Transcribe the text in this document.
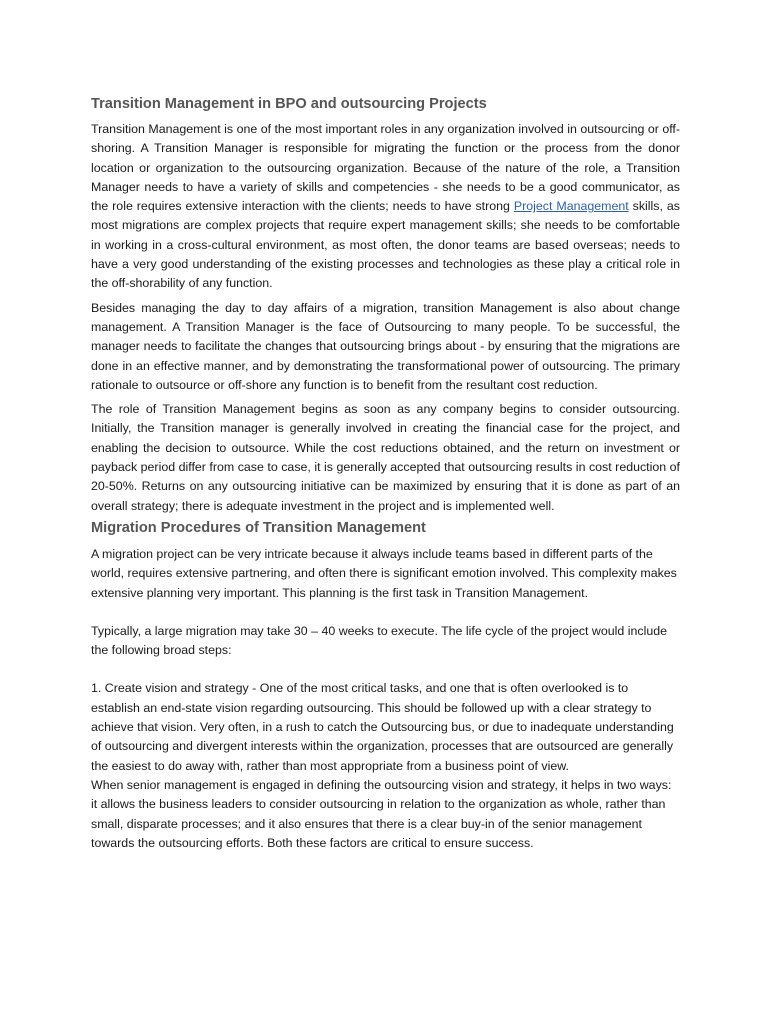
Transition Management in BPO and outsourcing Projects

Transition Management is one of the most important roles in any organization involved in outsourcing or off-shoring. A Transition Manager is responsible for migrating the function or the process from the donor location or organization to the outsourcing organization. Because of the nature of the role, a Transition Manager needs to have a variety of skills and competencies - she needs to be a good communicator, as the role requires extensive interaction with the clients; needs to have strong Project Management skills, as most migrations are complex projects that require expert management skills; she needs to be comfortable in working in a cross-cultural environment, as most often, the donor teams are based overseas; needs to have a very good understanding of the existing processes and technologies as these play a critical role in the off-shorability of any function.

Besides managing the day to day affairs of a migration, transition Management is also about change management. A Transition Manager is the face of Outsourcing to many people. To be successful, the manager needs to facilitate the changes that outsourcing brings about - by ensuring that the migrations are done in an effective manner, and by demonstrating the transformational power of outsourcing. The primary rationale to outsource or off-shore any function is to benefit from the resultant cost reduction.

The role of Transition Management begins as soon as any company begins to consider outsourcing. Initially, the Transition manager is generally involved in creating the financial case for the project, and enabling the decision to outsource. While the cost reductions obtained, and the return on investment or payback period differ from case to case, it is generally accepted that outsourcing results in cost reduction of 20-50%. Returns on any outsourcing initiative can be maximized by ensuring that it is done as part of an overall strategy; there is adequate investment in the project and is implemented well.

Migration Procedures of Transition Management

A migration project can be very intricate because it always include teams based in different parts of the world, requires extensive partnering, and often there is significant emotion involved. This complexity makes extensive planning very important. This planning is the first task in Transition Management.

Typically, a large migration may take 30 – 40 weeks to execute. The life cycle of the project would include the following broad steps:

1. Create vision and strategy - One of the most critical tasks, and one that is often overlooked is to establish an end-state vision regarding outsourcing. This should be followed up with a clear strategy to achieve that vision. Very often, in a rush to catch the Outsourcing bus, or due to inadequate understanding of outsourcing and divergent interests within the organization, processes that are outsourced are generally the easiest to do away with, rather than most appropriate from a business point of view.

When senior management is engaged in defining the outsourcing vision and strategy, it helps in two ways: it allows the business leaders to consider outsourcing in relation to the organization as whole, rather than small, disparate processes; and it also ensures that there is a clear buy-in of the senior management towards the outsourcing efforts. Both these factors are critical to ensure success.
